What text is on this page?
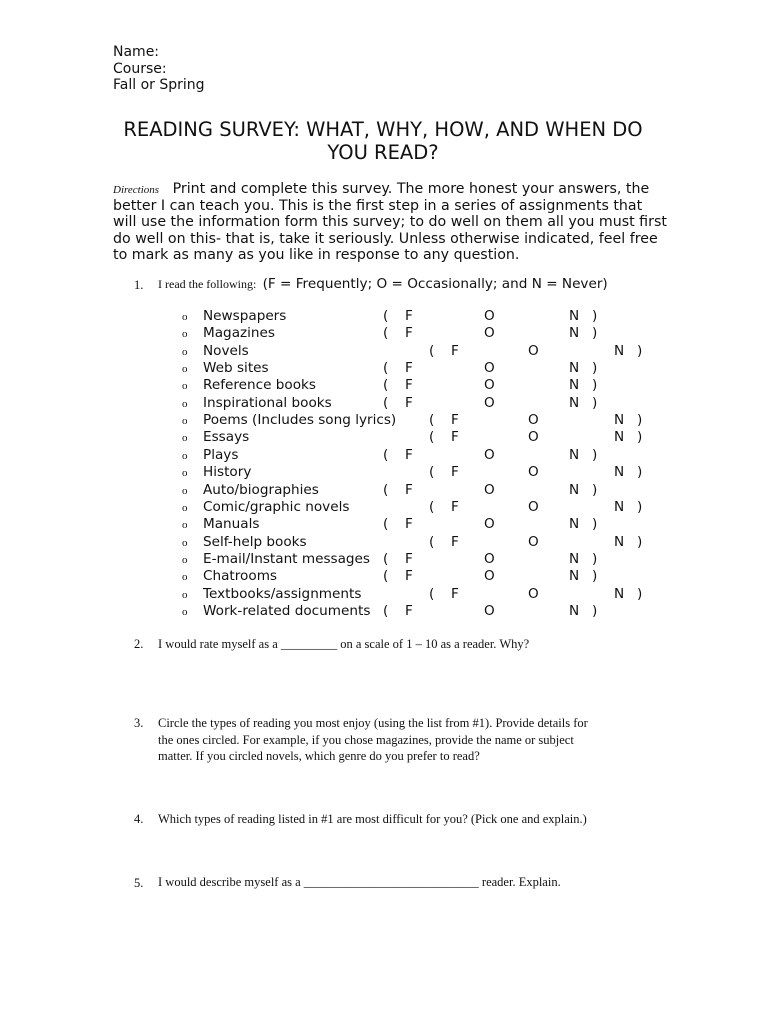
Name:
Course:
Fall or Spring
READING SURVEY: WHAT, WHY, HOW, AND WHEN DO
YOU READ?
Directions Print and complete this survey. The more honest your answers, the
better I can teach you. This is the first step in a series of assignments that
will use the information form this survey; to do well on them all you must first
do well on this- that is, take it seriously. Unless otherwise indicated, feel free
to mark as many as you like in response to any question.
1. I read the following: (F = Frequently; O = Occasionally; and N = Never)
o Newspapers	( F	O	N )
o Magazines	( F	O	N )
o Novels	( F	O	N )
o Web sites	( F	O	N )
o Reference books	( F	O	N )
o Inspirational books	( F	O	N )
o Poems (Includes song lyrics) ( F	O	N )
o Essays	( F	O	N )
o Plays	( F	O	N )
o History	( F	O	N )
o Auto/biographies	( F	O	N )
o Comic/graphic novels	( F	O	N )
o Manuals	( F	O	N )
o Self-help books	( F	O	N )
o E-mail/Instant messages ( F	O	N )
o Chatrooms	( F	O	N )
o Textbooks/assignments	( F	O	N )
o Work-related documents ( F	O	N )
2. I would rate myself as a _________ on a scale of 1 – 10 as a reader. Why?
3. Circle the types of reading you most enjoy (using the list from #1). Provide details for
the ones circled. For example, if you chose magazines, provide the name or subject
matter. If you circled novels, which genre do you prefer to read?
4. Which types of reading listed in #1 are most difficult for you? (Pick one and explain.)
5. I would describe myself as a ____________________________ reader. Explain.
